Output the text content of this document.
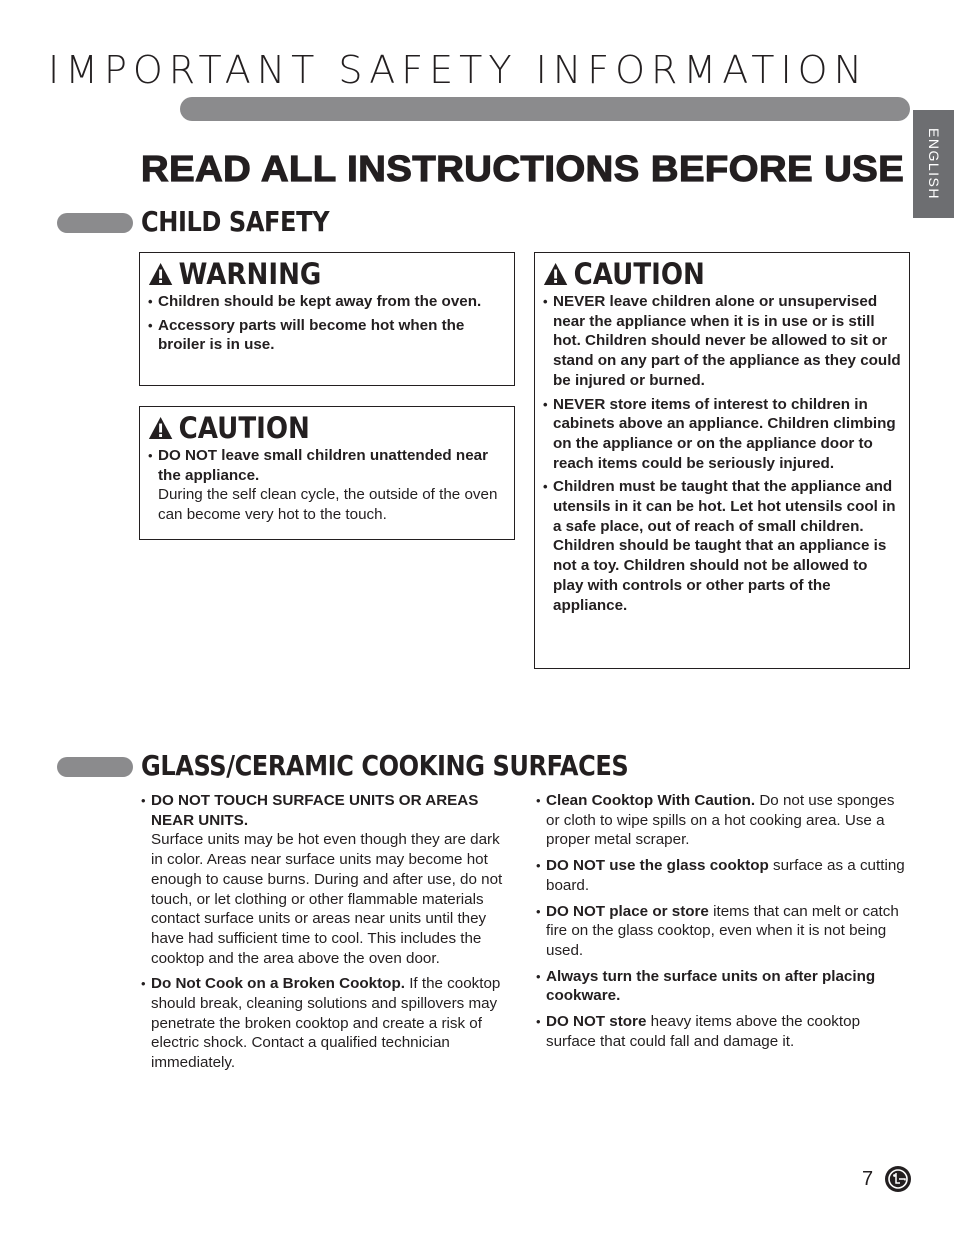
IMPORTANT SAFETY INFORMATION
ENGLISH
READ ALL INSTRUCTIONS BEFORE USE
CHILD SAFETY
WARNING
• Children should be kept away from the oven.
• Accessory parts will become hot when the broiler is in use.
CAUTION
• DO NOT leave small children unattended near the appliance.
During the self clean cycle, the outside of the oven can become very hot to the touch.
CAUTION
• NEVER leave children alone or unsupervised near the appliance when it is in use or is still hot. Children should never be allowed to sit or stand on any part of the appliance as they could be injured or burned.
• NEVER store items of interest to children in cabinets above an appliance. Children climbing on the appliance or on the appliance door to reach items could be seriously injured.
• Children must be taught that the appliance and utensils in it can be hot. Let hot utensils cool in a safe place, out of reach of small children. Children should be taught that an appliance is not a toy. Children should not be allowed to play with controls or other parts of the appliance.
GLASS/CERAMIC COOKING SURFACES
• DO NOT TOUCH SURFACE UNITS OR AREAS NEAR UNITS.
Surface units may be hot even though they are dark in color. Areas near surface units may become hot enough to cause burns. During and after use, do not touch, or let clothing or other flammable materials contact surface units or areas near units until they have had sufficient time to cool. This includes the cooktop and the area above the oven door.
• Do Not Cook on a Broken Cooktop. If the cooktop should break, cleaning solutions and spillovers may penetrate the broken cooktop and create a risk of electric shock. Contact a qualified technician immediately.
• Clean Cooktop With Caution. Do not use sponges or cloth to wipe spills on a hot cooking area. Use a proper metal scraper.
• DO NOT use the glass cooktop surface as a cutting board.
• DO NOT place or store items that can melt or catch fire on the glass cooktop, even when it is not being used.
• Always turn the surface units on after placing cookware.
• DO NOT store heavy items above the cooktop surface that could fall and damage it.
7
